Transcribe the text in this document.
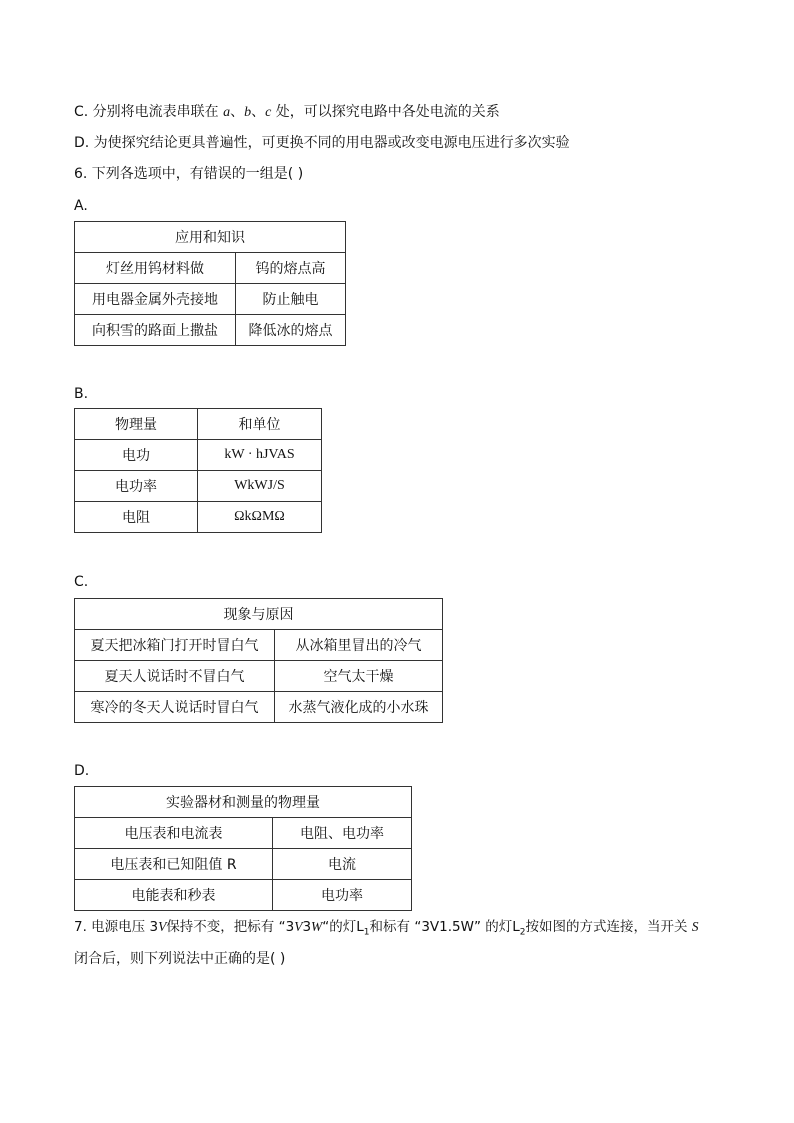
C. 分别将电流表串联在 a、b、c 处，可以探究电路中各处电流的关系
D. 为使探究结论更具普遍性，可更换不同的用电器或改变电源电压进行多次实验
6. 下列各选项中，有错误的一组是( )
A.
应用和知识	
灯丝用钨材料做	钨的熔点高
用电器金属外壳接地	防止触电
向积雪的路面上撒盐	降低冰的熔点
B.
物理量	和单位
电功	kW · hJVAS
电功率	WkWJ/S
电阻	ΩkΩMΩ
C.
现象与原因	
夏天把冰箱门打开时冒白气	从冰箱里冒出的冷气
夏天人说话时不冒白气	空气太干燥
寒冷的冬天人说话时冒白气	水蒸气液化成的小水珠
D.
实验器材和测量的物理量	
电压表和电流表	电阻、电功率
电压表和已知阻值 R	电流
电能表和秒表	电功率
7. 电源电压 3V保持不变，把标有 “3V3W“的灯$L_1$和标有 “3V1.5W” 的灯$L_2$按如图的方式连接，当开关 S
闭合后，则下列说法中正确的是( )
